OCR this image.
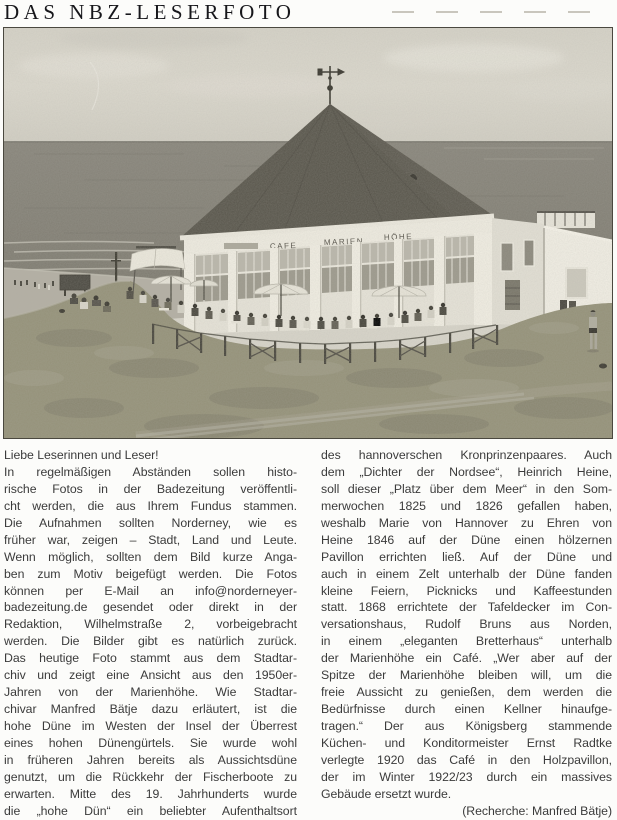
DAS NBZ-LESERFOTO
Liebe Leserinnen und Leser!
In regelmäßigen Abständen sollen histo-
rische Fotos in der Badezeitung veröffentli-
cht werden, die aus Ihrem Fundus stammen.
Die Aufnahmen sollten Norderney, wie es
früher war, zeigen – Stadt, Land und Leute.
Wenn möglich, sollten dem Bild kurze Anga-
ben zum Motiv beigefügt werden. Die Fotos
können per E-Mail an info@norderneyer-
badezeitung.de gesendet oder direkt in der
Redaktion, Wilhelmstraße 2, vorbeigebracht
werden. Die Bilder gibt es natürlich zurück.
Das heutige Foto stammt aus dem Stadtar-
chiv und zeigt eine Ansicht aus den 1950er-
Jahren von der Marienhöhe. Wie Stadtar-
chivar Manfred Bätje dazu erläutert, ist die
hohe Düne im Westen der Insel der Überrest
eines hohen Dünengürtels. Sie wurde wohl
in früheren Jahren bereits als Aussichtsdüne
genutzt, um die Rückkehr der Fischerboote zu
erwarten. Mitte des 19. Jahrhunderts wurde
die „hohe Dün“ ein beliebter Aufenthaltsort
des hannoverschen Kronprinzenpaares. Auch
dem „Dichter der Nordsee“, Heinrich Heine,
soll dieser „Platz über dem Meer“ in den Som-
merwochen 1825 und 1826 gefallen haben,
weshalb Marie von Hannover zu Ehren von
Heine 1846 auf der Düne einen hölzernen
Pavillon errichten ließ. Auf der Düne und
auch in einem Zelt unterhalb der Düne fanden
kleine Feiern, Picknicks und Kaffeestunden
statt. 1868 errichtete der Tafeldecker im Con-
versationshaus, Rudolf Bruns aus Norden,
in einem „eleganten Bretterhaus“ unterhalb
der Marienhöhe ein Café. „Wer aber auf der
Spitze der Marienhöhe bleiben will, um die
freie Aussicht zu genießen, dem werden die
Bedürfnisse durch einen Kellner hinaufge-
tragen.“ Der aus Königsberg stammende
Küchen- und Konditormeister Ernst Radtke
verlegte 1920 das Café in den Holzpavillon,
der im Winter 1922/23 durch ein massives
Gebäude ersetzt wurde.
(Recherche: Manfred Bätje)
